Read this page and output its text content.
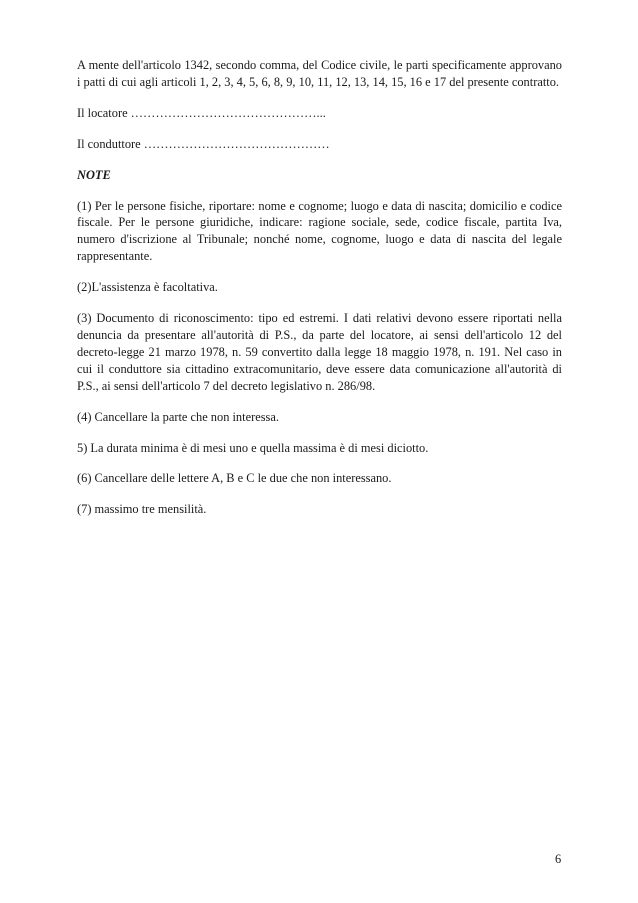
A mente dell'articolo 1342, secondo comma, del Codice civile, le parti specificamente approvano i patti di cui agli articoli 1, 2, 3, 4, 5, 6, 8, 9, 10, 11, 12, 13, 14, 15, 16 e 17 del presente contratto.

Il locatore ………………………………………...

Il conduttore ………………………………………

NOTE

(1) Per le persone fisiche, riportare: nome e cognome; luogo e data di nascita; domicilio e codice fiscale. Per le persone giuridiche, indicare: ragione sociale, sede, codice fiscale, partita Iva, numero d'iscrizione al Tribunale; nonché nome, cognome, luogo e data di nascita del legale rappresentante.

(2)L'assistenza è facoltativa.

(3) Documento di riconoscimento: tipo ed estremi. I dati relativi devono essere riportati nella denuncia da presentare all'autorità di P.S., da parte del locatore, ai sensi dell'articolo 12 del decreto-legge 21 marzo 1978, n. 59 convertito dalla legge 18 maggio 1978, n. 191. Nel caso in cui il conduttore sia cittadino extracomunitario, deve essere data comunicazione all'autorità di P.S., ai sensi dell'articolo 7 del decreto legislativo n. 286/98.

(4) Cancellare la parte che non interessa.

5) La durata minima è di mesi uno e quella massima è di mesi diciotto.

(6) Cancellare delle lettere A, B e C le due che non interessano.

(7) massimo tre mensilità.

6
